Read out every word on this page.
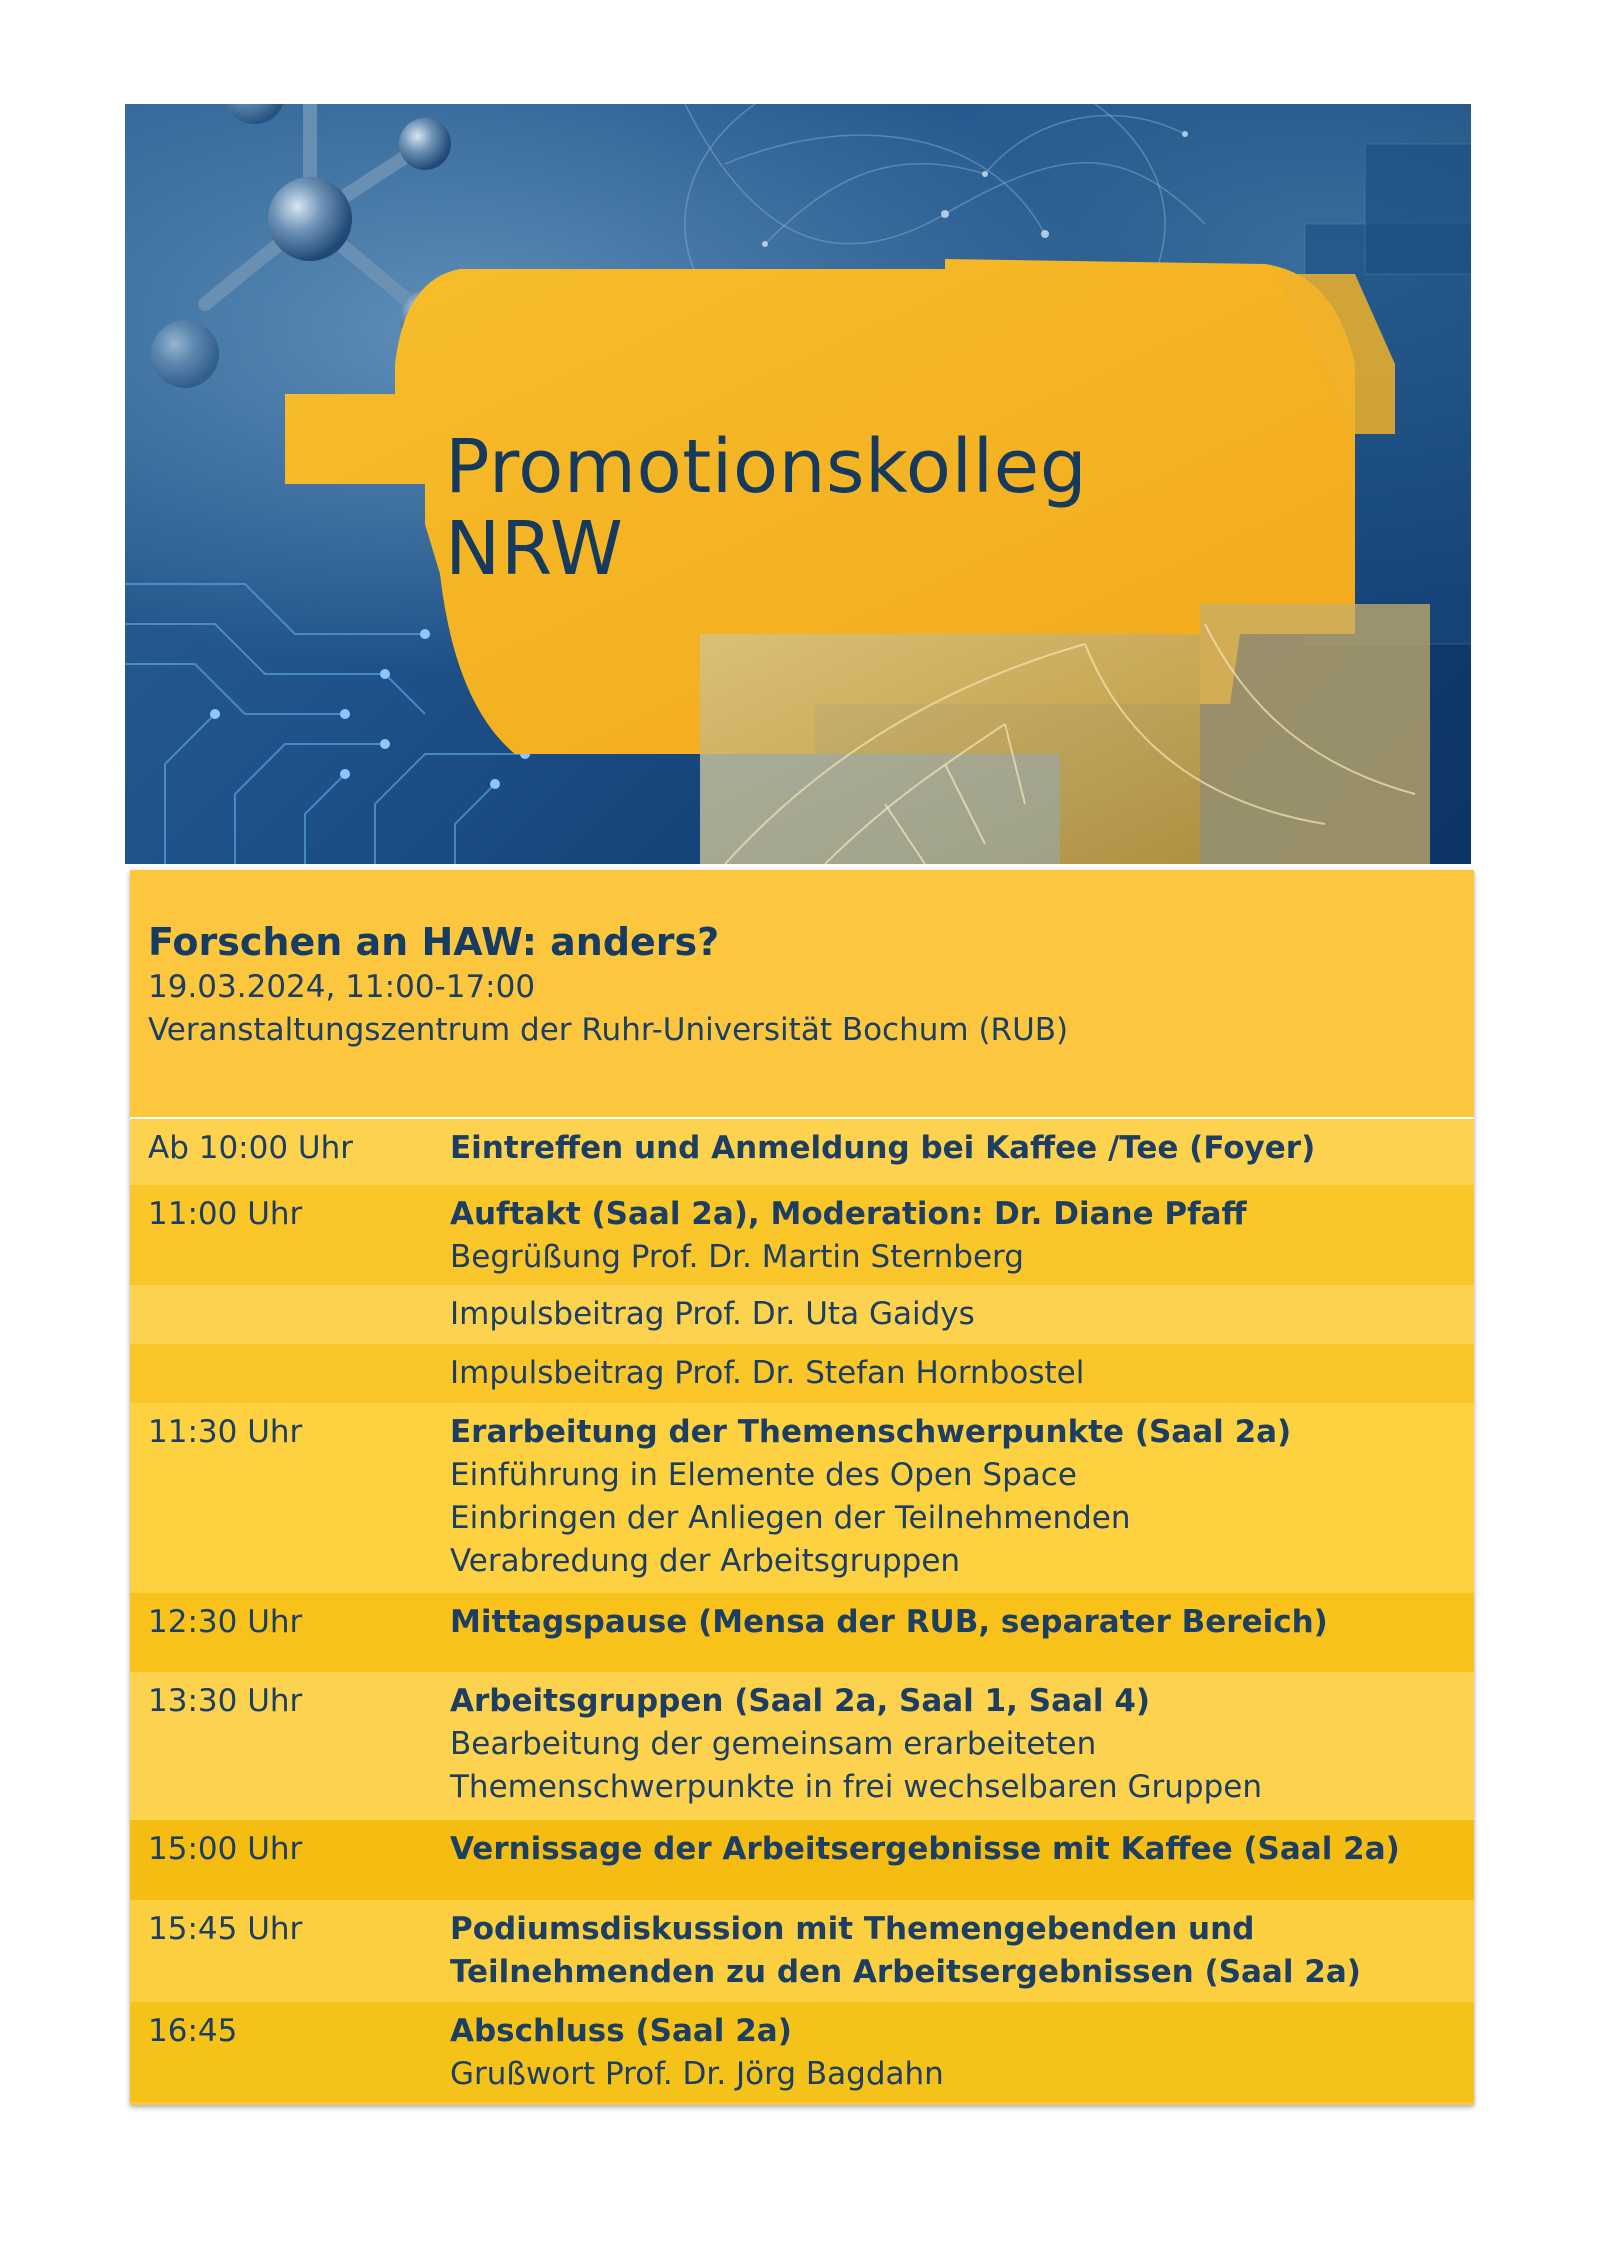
Promotionskolleg
NRW
Forschen an HAW: anders?
19.03.2024, 11:00-17:00
Veranstaltungszentrum der Ruhr-Universität Bochum (RUB)
Ab 10:00 Uhr	Eintreffen und Anmeldung bei Kaffee /Tee (Foyer)
11:00 Uhr	Auftakt (Saal 2a), Moderation: Dr. Diane Pfaff
Begrüßung Prof. Dr. Martin Sternberg
Impulsbeitrag Prof. Dr. Uta Gaidys
Impulsbeitrag Prof. Dr. Stefan Hornbostel
11:30 Uhr	Erarbeitung der Themenschwerpunkte (Saal 2a)
Einführung in Elemente des Open Space
Einbringen der Anliegen der Teilnehmenden
Verabredung der Arbeitsgruppen
12:30 Uhr	Mittagspause (Mensa der RUB, separater Bereich)
13:30 Uhr	Arbeitsgruppen (Saal 2a, Saal 1, Saal 4)
Bearbeitung der gemeinsam erarbeiteten
Themenschwerpunkte in frei wechselbaren Gruppen
15:00 Uhr	Vernissage der Arbeitsergebnisse mit Kaffee (Saal 2a)
15:45 Uhr	Podiumsdiskussion mit Themengebenden und
Teilnehmenden zu den Arbeitsergebnissen (Saal 2a)
16:45	Abschluss (Saal 2a)
Grußwort Prof. Dr. Jörg Bagdahn
